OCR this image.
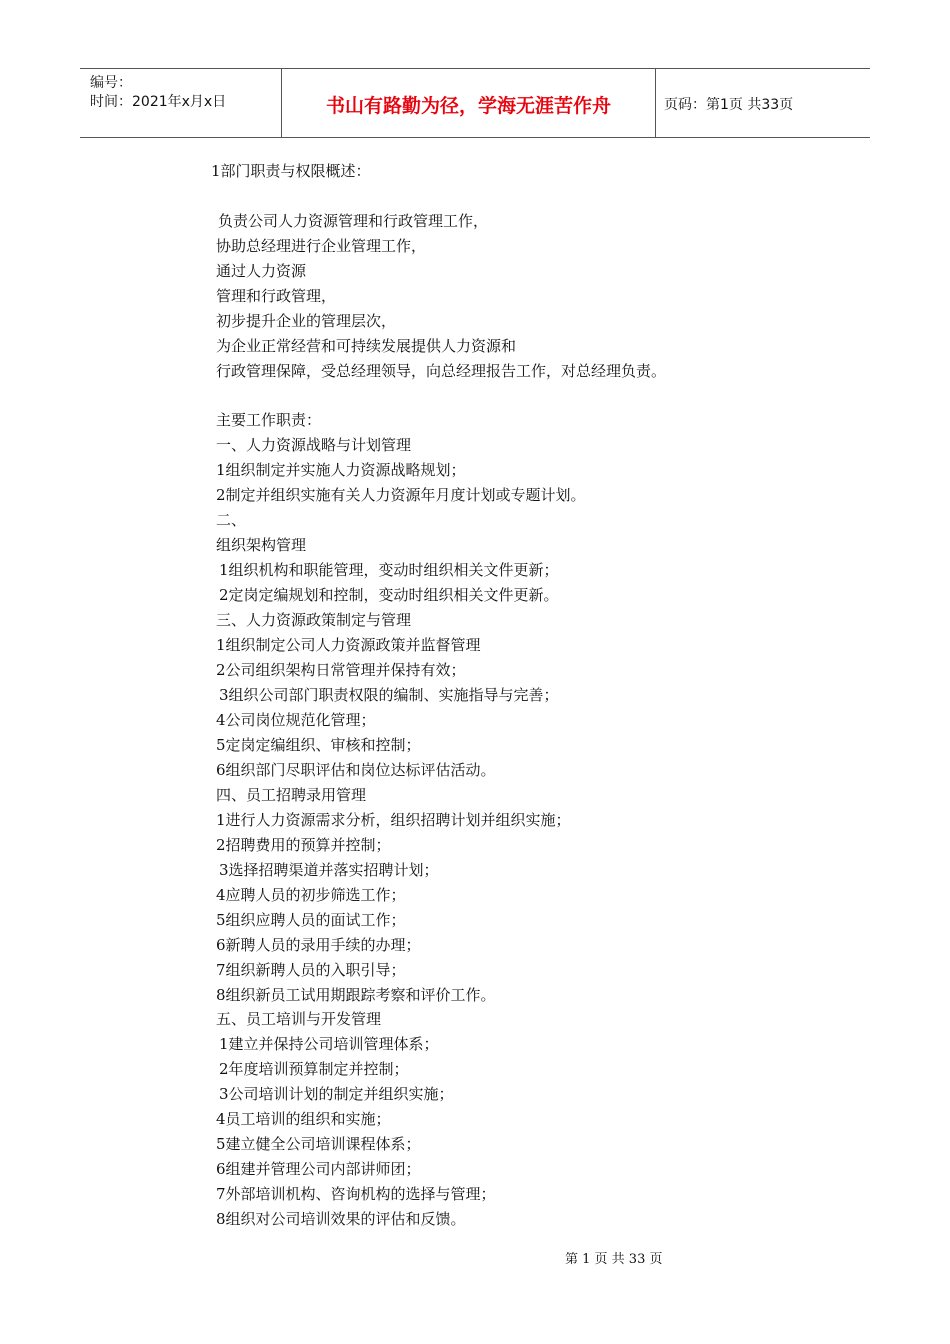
编号：
时间：2021年x月x日	书山有路勤为径，学海无涯苦作舟	页码：第1页 共33页
1部门职责与权限概述：
负责公司人力资源管理和行政管理工作，
协助总经理进行企业管理工作，
通过人力资源
管理和行政管理，
初步提升企业的管理层次，
为企业正常经营和可持续发展提供人力资源和
行政管理保障，受总经理领导，向总经理报告工作，对总经理负责。
主要工作职责：
一、人力资源战略与计划管理
1组织制定并实施人力资源战略规划；
2制定并组织实施有关人力资源年月度计划或专题计划。
二、
组织架构管理
1组织机构和职能管理，变动时组织相关文件更新；
2定岗定编规划和控制，变动时组织相关文件更新。
三、人力资源政策制定与管理
1组织制定公司人力资源政策并监督管理
2公司组织架构日常管理并保持有效；
3组织公司部门职责权限的编制、实施指导与完善；
4公司岗位规范化管理；
5定岗定编组织、审核和控制；
6组织部门尽职评估和岗位达标评估活动。
四、员工招聘录用管理
1进行人力资源需求分析，组织招聘计划并组织实施；
2招聘费用的预算并控制；
3选择招聘渠道并落实招聘计划；
4应聘人员的初步筛选工作；
5组织应聘人员的面试工作；
6新聘人员的录用手续的办理；
7组织新聘人员的入职引导；
8组织新员工试用期跟踪考察和评价工作。
五、员工培训与开发管理
1建立并保持公司培训管理体系；
2年度培训预算制定并控制；
3公司培训计划的制定并组织实施；
4员工培训的组织和实施；
5建立健全公司培训课程体系；
6组建并管理公司内部讲师团；
7外部培训机构、咨询机构的选择与管理；
8组织对公司培训效果的评估和反馈。
第 1 页 共 33 页
